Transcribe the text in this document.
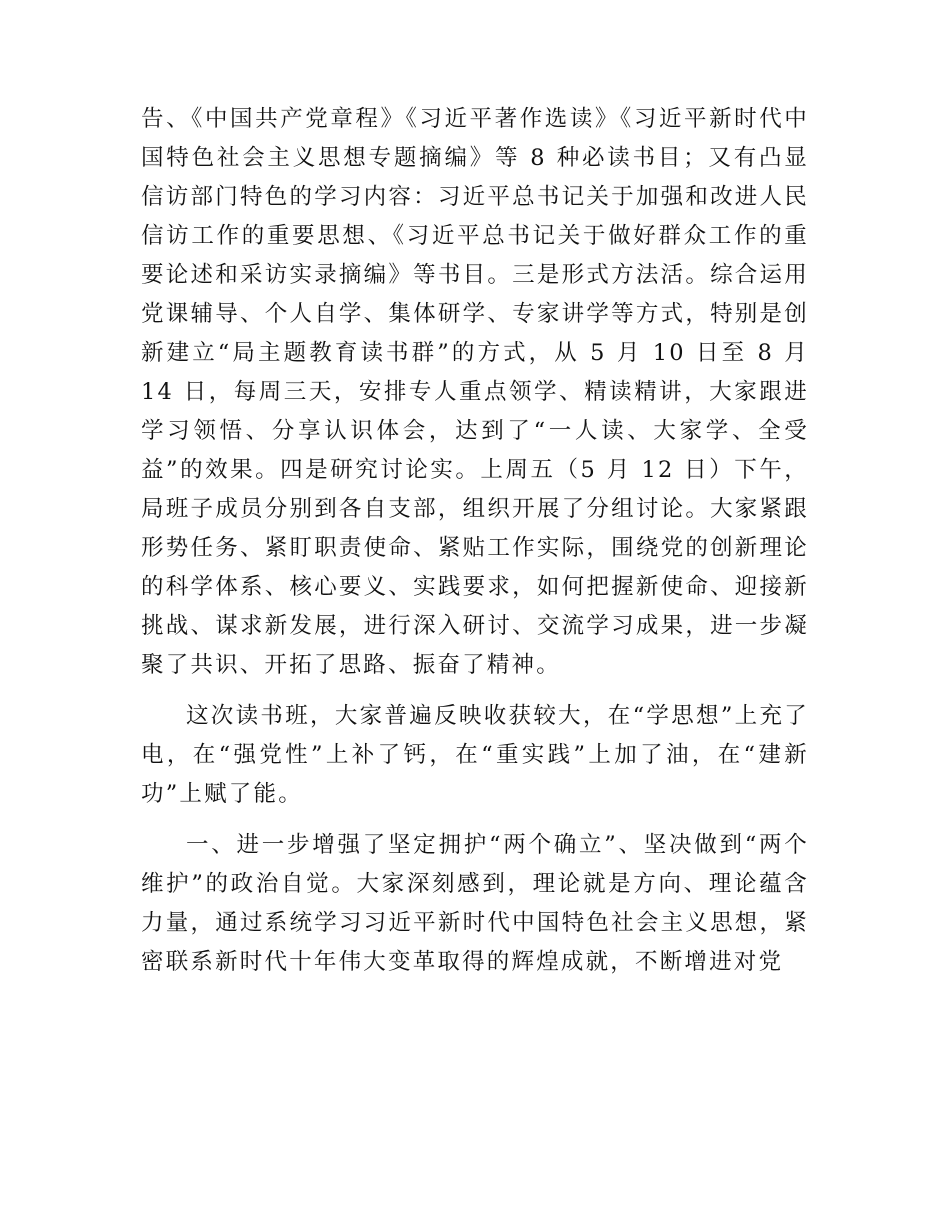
告、《中国共产党章程》《习近平著作选读》《习近平新时代中国特色社会主义思想专题摘编》等 8 种必读书目；又有凸显信访部门特色的学习内容：习近平总书记关于加强和改进人民信访工作的重要思想、《习近平总书记关于做好群众工作的重要论述和采访实录摘编》等书目。三是形式方法活。综合运用党课辅导、个人自学、集体研学、专家讲学等方式，特别是创新建立“局主题教育读书群”的方式，从 5 月 10 日至 8 月 14 日，每周三天，安排专人重点领学、精读精讲，大家跟进学习领悟、分享认识体会，达到了“一人读、大家学、全受益”的效果。四是研究讨论实。上周五（5 月 12 日）下午，局班子成员分别到各自支部，组织开展了分组讨论。大家紧跟形势任务、紧盯职责使命、紧贴工作实际，围绕党的创新理论的科学体系、核心要义、实践要求，如何把握新使命、迎接新挑战、谋求新发展，进行深入研讨、交流学习成果，进一步凝聚了共识、开拓了思路、振奋了精神。

这次读书班，大家普遍反映收获较大，在“学思想”上充了电，在“强党性”上补了钙，在“重实践”上加了油，在“建新功”上赋了能。

一、进一步增强了坚定拥护“两个确立”、坚决做到“两个维护”的政治自觉。大家深刻感到，理论就是方向、理论蕴含力量，通过系统学习习近平新时代中国特色社会主义思想，紧密联系新时代十年伟大变革取得的辉煌成就，不断增进对党
